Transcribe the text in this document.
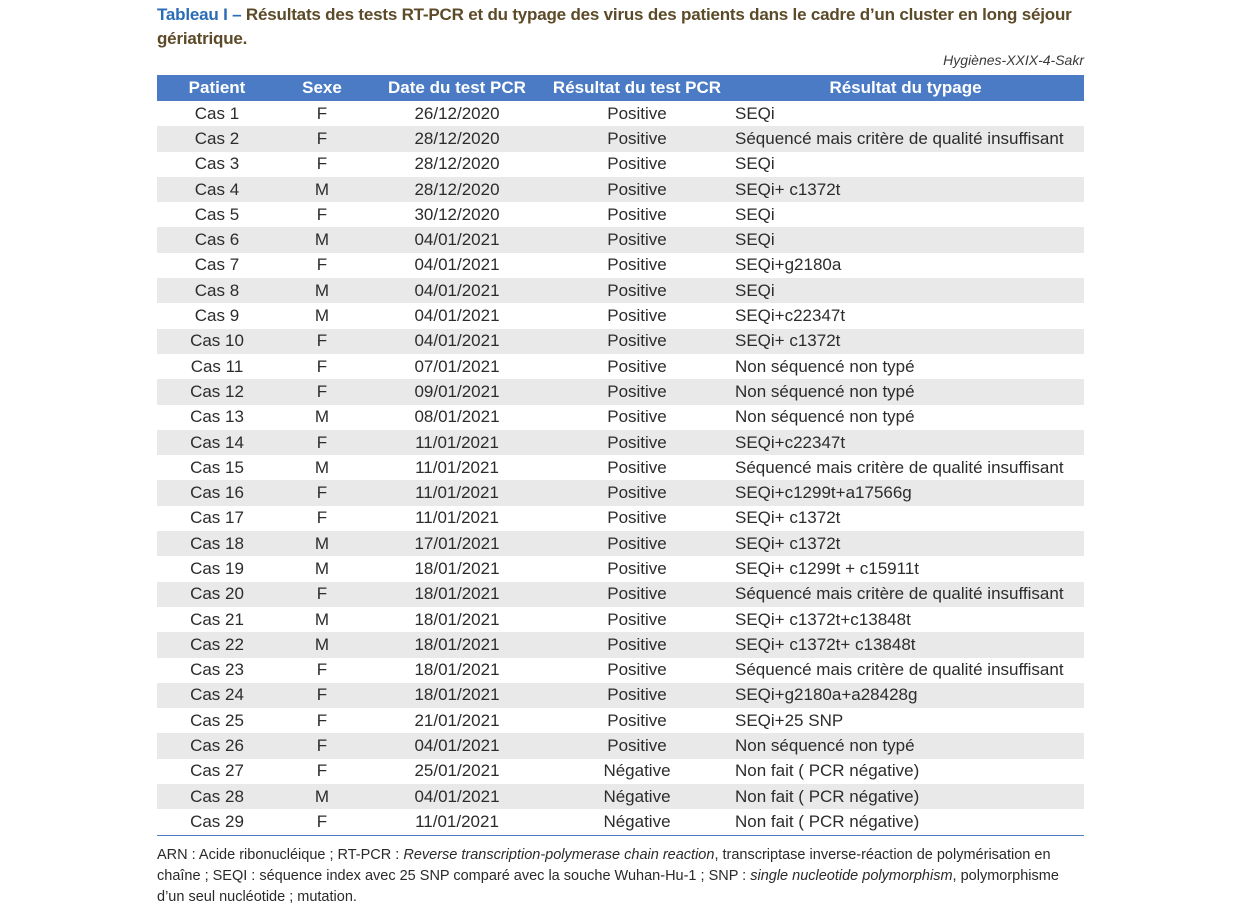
Tableau I – Résultats des tests RT-PCR et du typage des virus des patients dans le cadre d’un cluster en long séjour gériatrique.
Hygiènes-XXIX-4-Sakr
Patient	Sexe	Date du test PCR	Résultat du test PCR	Résultat du typage
Cas 1	F	26/12/2020	Positive	SEQi
Cas 2	F	28/12/2020	Positive	Séquencé mais critère de qualité insuffisant
Cas 3	F	28/12/2020	Positive	SEQi
Cas 4	M	28/12/2020	Positive	SEQi+ c1372t
Cas 5	F	30/12/2020	Positive	SEQi
Cas 6	M	04/01/2021	Positive	SEQi
Cas 7	F	04/01/2021	Positive	SEQi+g2180a
Cas 8	M	04/01/2021	Positive	SEQi
Cas 9	M	04/01/2021	Positive	SEQi+c22347t
Cas 10	F	04/01/2021	Positive	SEQi+ c1372t
Cas 11	F	07/01/2021	Positive	Non séquencé non typé
Cas 12	F	09/01/2021	Positive	Non séquencé non typé
Cas 13	M	08/01/2021	Positive	Non séquencé non typé
Cas 14	F	11/01/2021	Positive	SEQi+c22347t
Cas 15	M	11/01/2021	Positive	Séquencé mais critère de qualité insuffisant
Cas 16	F	11/01/2021	Positive	SEQi+c1299t+a17566g
Cas 17	F	11/01/2021	Positive	SEQi+ c1372t
Cas 18	M	17/01/2021	Positive	SEQi+ c1372t
Cas 19	M	18/01/2021	Positive	SEQi+ c1299t + c15911t
Cas 20	F	18/01/2021	Positive	Séquencé mais critère de qualité insuffisant
Cas 21	M	18/01/2021	Positive	SEQi+ c1372t+c13848t
Cas 22	M	18/01/2021	Positive	SEQi+ c1372t+ c13848t
Cas 23	F	18/01/2021	Positive	Séquencé mais critère de qualité insuffisant
Cas 24	F	18/01/2021	Positive	SEQi+g2180a+a28428g
Cas 25	F	21/01/2021	Positive	SEQi+25 SNP
Cas 26	F	04/01/2021	Positive	Non séquencé non typé
Cas 27	F	25/01/2021	Négative	Non fait ( PCR négative)
Cas 28	M	04/01/2021	Négative	Non fait ( PCR négative)
Cas 29	F	11/01/2021	Négative	Non fait ( PCR négative)
ARN : Acide ribonucléique ; RT-PCR : Reverse transcription-polymerase chain reaction, transcriptase inverse-réaction de polymérisation en chaîne ; SEQI : séquence index avec 25 SNP comparé avec la souche Wuhan-Hu-1 ; SNP : single nucleotide polymorphism, polymorphisme d’un seul nucléotide ; mutation.
